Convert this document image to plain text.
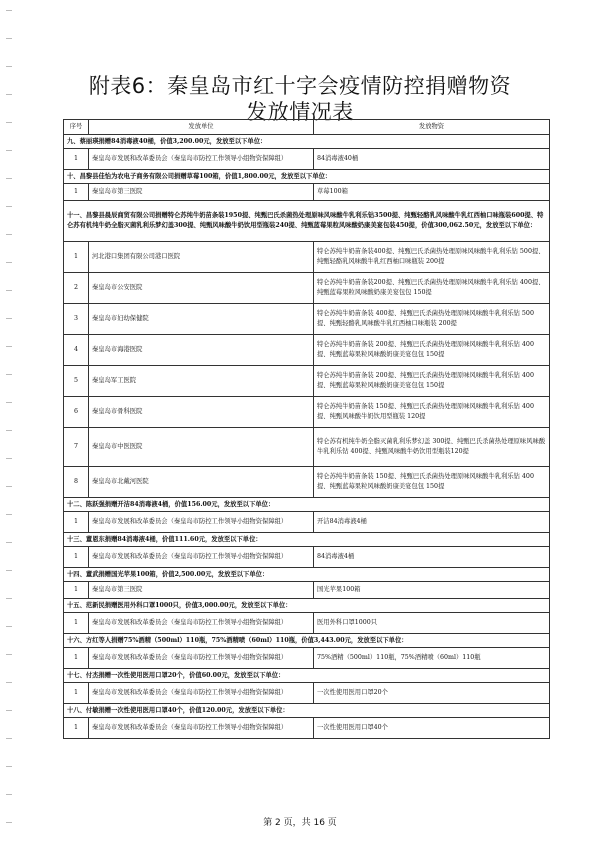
附表6：秦皇岛市红十字会疫情防控捐赠物资
发放情况表
序号	发放单位	发放物资
九、蔡丽瑛捐赠84消毒液40桶，价值3,200.00元，发放至以下单位：		
1	秦皇岛市发展和改革委员会（秦皇岛市防控工作领导小组物资保障组）	84消毒液40桶
十、昌黎县佳怡为农电子商务有限公司捐赠草莓100箱，价值1,800.00元，发放至以下单位：		
1	秦皇岛市第三医院	草莓100箱
十一、昌黎县晨辰商贸有限公司捐赠特仑苏纯牛奶苗条装1950提、纯甄巴氏杀菌热处理原味风味酸牛乳利乐钻3500提、纯甄轻酪乳风味酸牛乳红西柚口味瓶装600提、特仑苏有机纯牛奶全脂灭菌乳利乐梦幻盖300提、纯甄风味酸牛奶饮用型瓶装240提、纯甄蓝莓果粒风味酸奶康美宴包装450提，价值300,062.50元，发放至以下单位：		
1	河北港口集团有限公司港口医院	特仑苏纯牛奶苗条装400提、纯甄巴氏杀菌热处理原味风味酸牛乳利乐钻 500提、纯甄轻酪乳风味酸牛乳红西柚口味瓶装 200提
2	秦皇岛市公安医院	特仑苏纯牛奶苗条装200提、纯甄巴氏杀菌热处理原味风味酸牛乳利乐钻 400提、纯甄蓝莓果粒风味酸奶康美宴包包 150提
3	秦皇岛市妇幼保健院	特仑苏纯牛奶苗条装 400提、纯甄巴氏杀菌热处理原味风味酸牛乳利乐钻 500提、纯甄轻酪乳风味酸牛乳红西柚口味瓶装 200提
4	秦皇岛市海港医院	特仑苏纯牛奶苗条装 200提、纯甄巴氏杀菌热处理原味风味酸牛乳利乐钻 400提、纯甄蓝莓果粒风味酸奶康美宴包包 150提
5	秦皇岛军工医院	特仑苏纯牛奶苗条装 200提、纯甄巴氏杀菌热处理原味风味酸牛乳利乐钻 400提、纯甄蓝莓果粒风味酸奶康美宴包包 150提
6	秦皇岛市骨科医院	特仑苏纯牛奶苗条装 150提、纯甄巴氏杀菌热处理原味风味酸牛乳利乐钻 400提、纯甄风味酸牛奶饮用型瓶装 120提
7	秦皇岛市中医医院	特仑苏有机纯牛奶全脂灭菌乳利乐梦幻盖 300提、纯甄巴氏杀菌热处理原味风味酸牛乳利乐钻 400提、纯甄风味酸牛奶饮用型瓶装120提
8	秦皇岛市北戴河医院	特仑苏纯牛奶苗条装 150提、纯甄巴氏杀菌热处理原味风味酸牛乳利乐钻 400提、纯甄蓝莓果粒风味酸奶康美宴包包 150提
十二、陈跃强捐赠开洁84消毒液4桶，价值156.00元，发放至以下单位：		
1	秦皇岛市发展和改革委员会（秦皇岛市防控工作领导小组物资保障组）	开洁84消毒液4桶
十三、董恩东捐赠84消毒液4桶，价值111.60元，发放至以下单位：		
1	秦皇岛市发展和改革委员会（秦皇岛市防控工作领导小组物资保障组）	84消毒液4桶
十四、董武捐赠国光苹果100箱，价值2,500.00元，发放至以下单位：		
1	秦皇岛市第三医院	国光苹果100箱
十五、范新民捐赠医用外科口罩1000只，价值3,000.00元，发放至以下单位：		
1	秦皇岛市发展和改革委员会（秦皇岛市防控工作领导小组物资保障组）	医用外科口罩1000只
十六、方红等人捐赠75%酒精（500ml）110瓶，75%酒精喷（60ml）110瓶，价值3,443.00元，发放至以下单位：		
1	秦皇岛市发展和改革委员会（秦皇岛市防控工作领导小组物资保障组）	75%酒精（500ml）110瓶，75%酒精喷（60ml）110瓶
十七、付杰捐赠一次性使用医用口罩20个，价值60.00元，发放至以下单位：		
1	秦皇岛市发展和改革委员会（秦皇岛市防控工作领导小组物资保障组）	一次性使用医用口罩20个
十八、付敏捐赠一次性使用医用口罩40个，价值120.00元，发放至以下单位：		
1	秦皇岛市发展和改革委员会（秦皇岛市防控工作领导小组物资保障组）	一次性使用医用口罩40个
第 2 页，共 16 页
